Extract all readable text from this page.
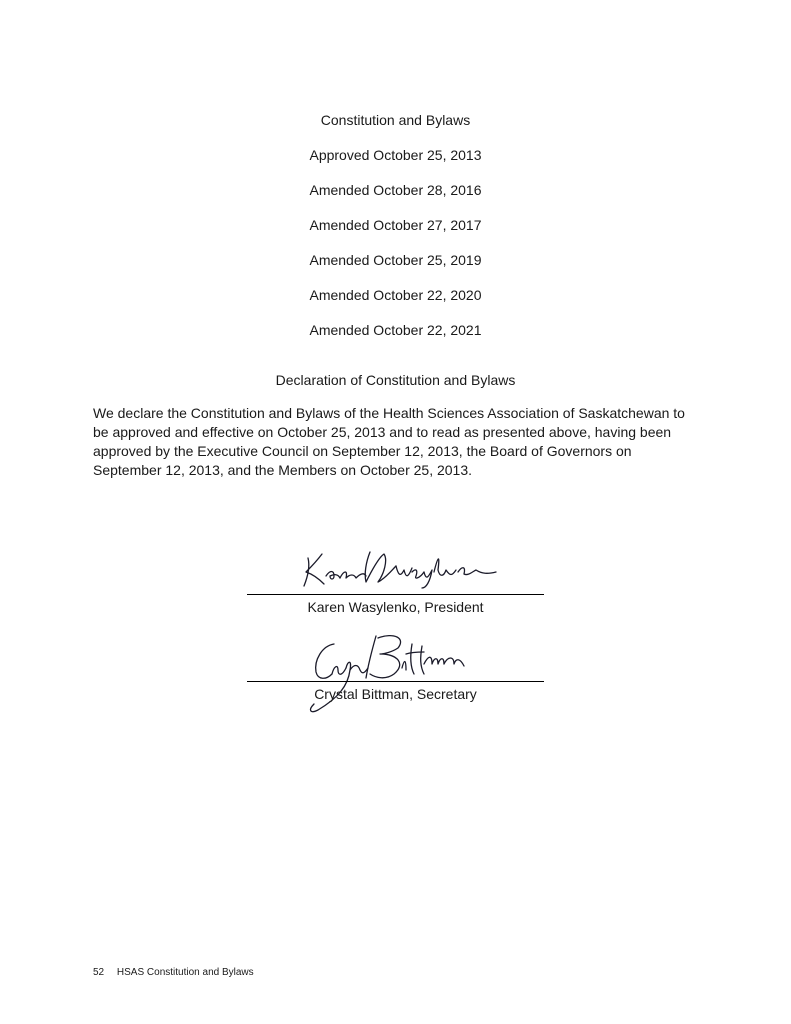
Constitution and Bylaws
Approved October 25, 2013
Amended October 28, 2016
Amended October 27, 2017
Amended October 25, 2019
Amended October 22, 2020
Amended October 22, 2021
Declaration of Constitution and Bylaws
We declare the Constitution and Bylaws of the Health Sciences Association of Saskatchewan to be approved and effective on October 25, 2013 and to read as presented above, having been approved by the Executive Council on September 12, 2013, the Board of Governors on September 12, 2013, and the Members on October 25, 2013.
Karen Wasylenko, President
Crystal Bittman, Secretary
52 HSAS Constitution and Bylaws
